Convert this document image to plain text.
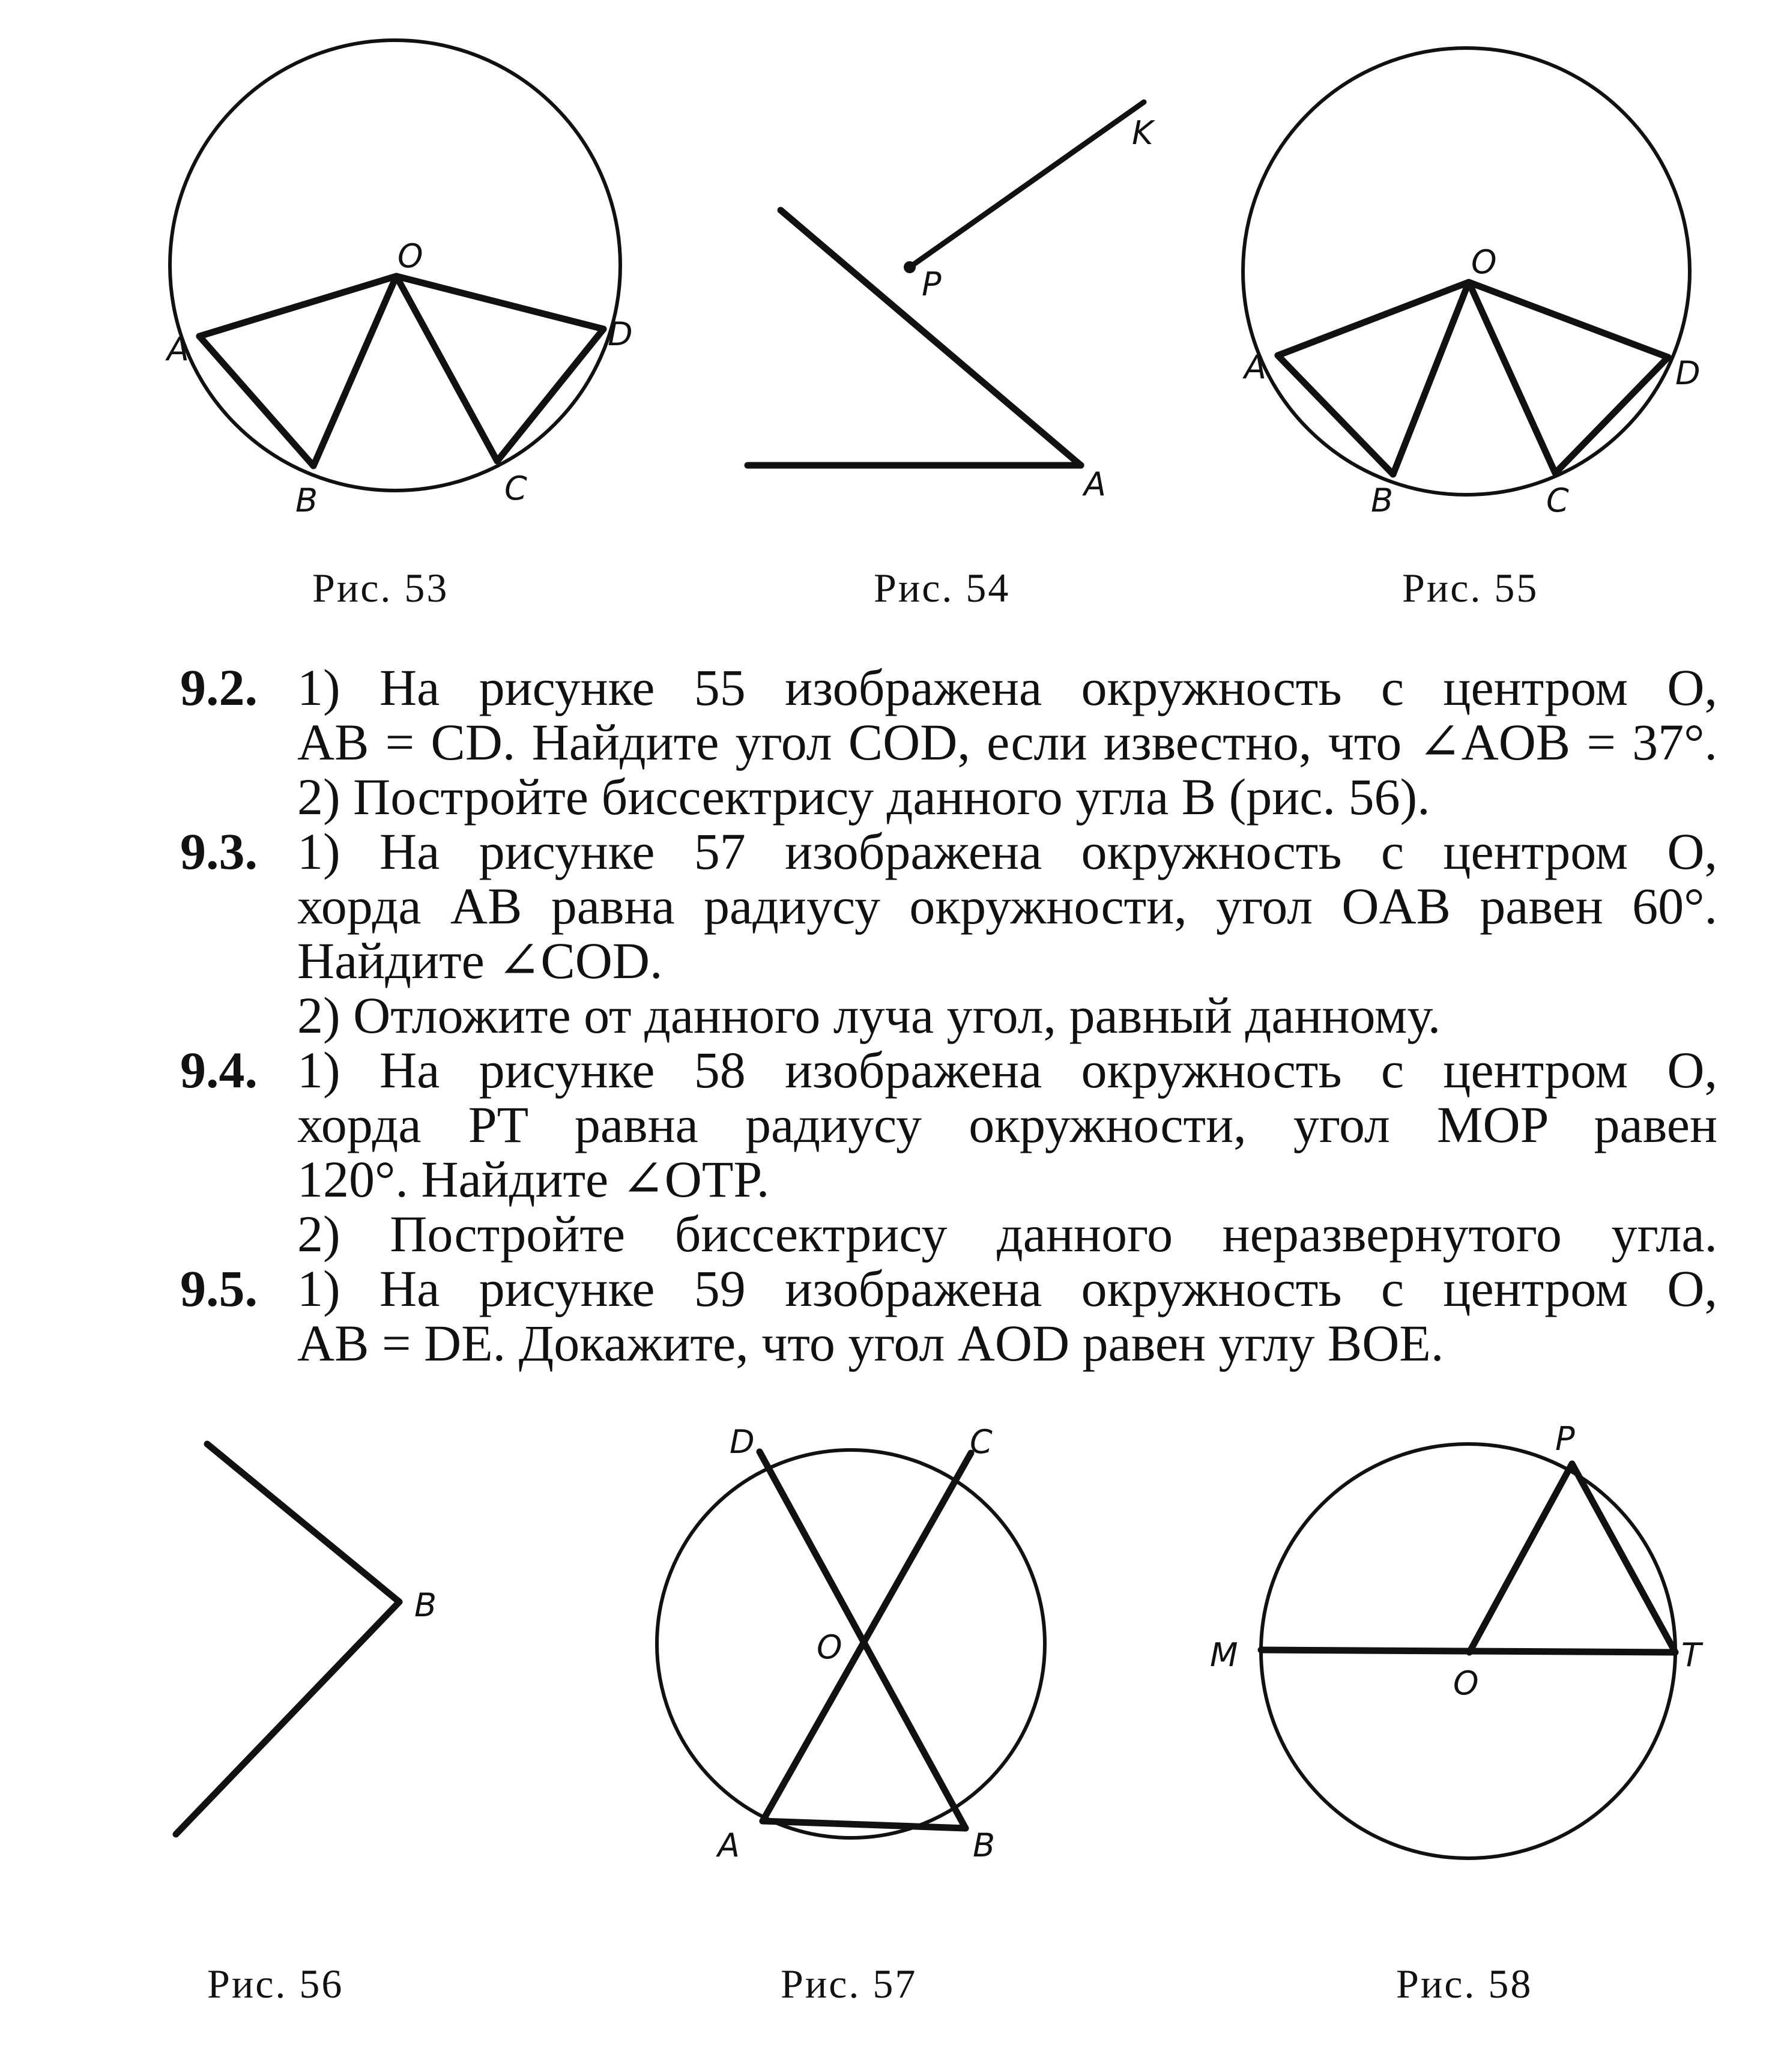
O
A	D
B	C
K
P
A
O
A	D
B	C
B
D	C
O
A	B
P
M
O
T
Рис. 53	Рис. 54	Рис. 55
Рис. 56	Рис. 57	Рис. 58
9.2. 1) На рисунке 55 изображена окружность с центром O,
AB = CD. Найдите угол COD, если известно, что ∠AOB = 37°.
2) Постройте биссектрису данного угла B (рис. 56).
9.3. 1) На рисунке 57 изображена окружность с центром O,
хорда AB равна радиусу окружности, угол OAB равен 60°.
Найдите ∠COD.
2) Отложите от данного луча угол, равный данному.
9.4. 1) На рисунке 58 изображена окружность с центром O,
хорда PT равна радиусу окружности, угол MOP равен
120°. Найдите ∠OTP.
2) Постройте биссектрису данного неразвернутого угла.
9.5. 1) На рисунке 59 изображена окружность с центром O,
AB = DE. Докажите, что угол AOD равен углу BOE.
